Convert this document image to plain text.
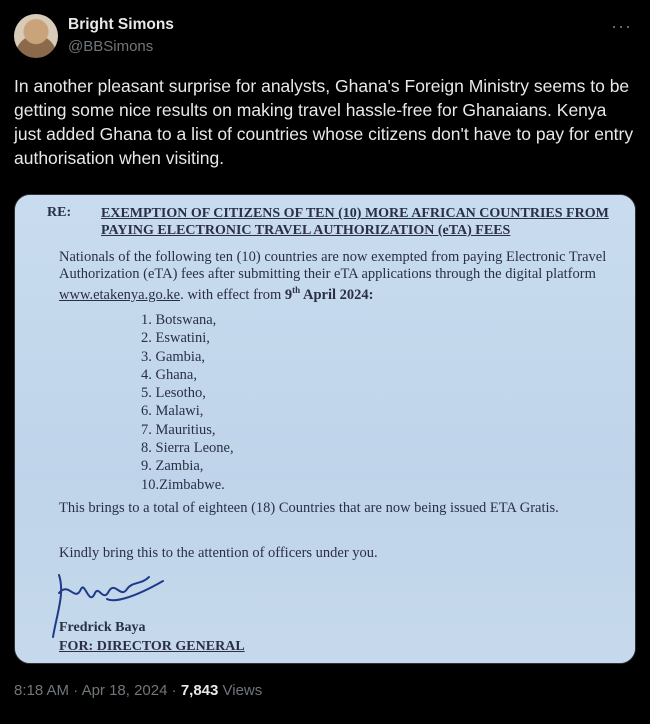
Bright Simons
@BBSimons
···
In another pleasant surprise for analysts, Ghana's Foreign Ministry seems to be getting some nice results on making travel hassle-free for Ghanaians. Kenya just added Ghana to a list of countries whose citizens don't have to pay for entry authorisation when visiting.
RE: EXEMPTION OF CITIZENS OF TEN (10) MORE AFRICAN COUNTRIES FROM PAYING ELECTRONIC TRAVEL AUTHORIZATION (eTA) FEES
Nationals of the following ten (10) countries are now exempted from paying Electronic Travel Authorization (eTA) fees after submitting their eTA applications through the digital platform www.etakenya.go.ke. with effect from 9th April 2024:
1. Botswana,
2. Eswatini,
3. Gambia,
4. Ghana,
5. Lesotho,
6. Malawi,
7. Mauritius,
8. Sierra Leone,
9. Zambia,
10.Zimbabwe.
This brings to a total of eighteen (18) Countries that are now being issued ETA Gratis.
Kindly bring this to the attention of officers under you.
Fredrick Baya
FOR: DIRECTOR GENERAL
8:18 AM · Apr 18, 2024 · 7,843 Views
